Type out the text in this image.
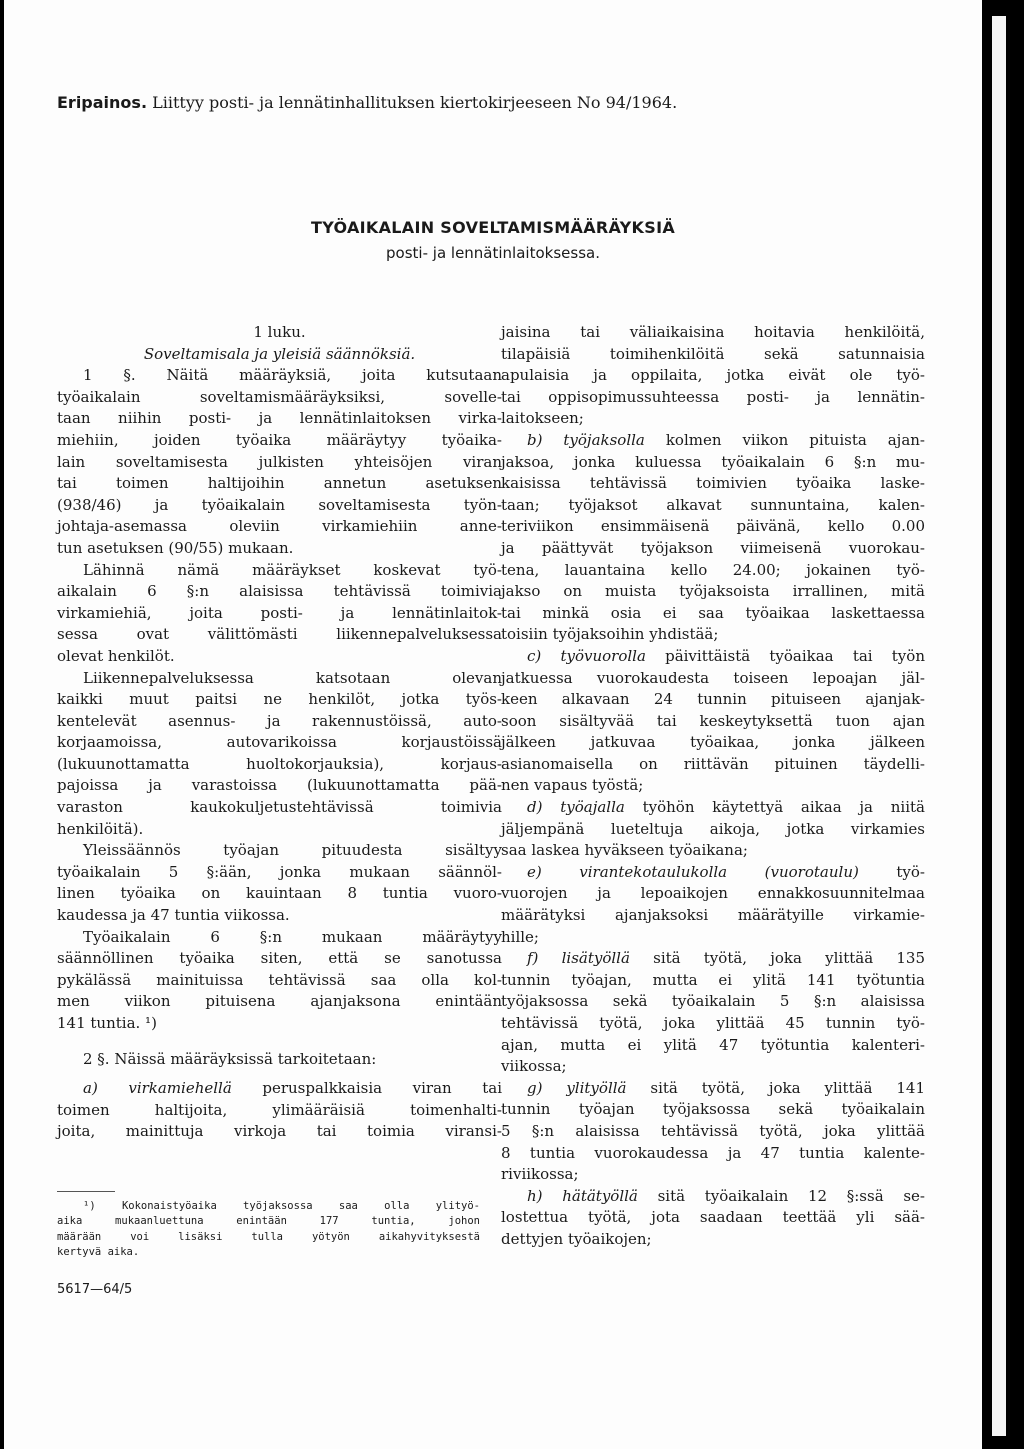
Eripainos. Liittyy posti- ja lennätinhallituksen kiertokirjeeseen No 94/1964.
TYÖAIKALAIN SOVELTAMISMÄÄRÄYKSIÄ
posti- ja lennätinlaitoksessa.
1 luku.
Soveltamisala ja yleisiä säännöksiä.
1 §. Näitä määräyksiä, joita kutsutaan
työaikalain soveltamismääräyksiksi, sovelle-
taan niihin posti- ja lennätinlaitoksen virka-
miehiin, joiden työaika määräytyy työaika-
lain soveltamisesta julkisten yhteisöjen viran
tai toimen haltijoihin annetun asetuksen
(938/46) ja työaikalain soveltamisesta työn-
johtaja-asemassa oleviin virkamiehiin anne-
tun asetuksen (90/55) mukaan.
Lähinnä nämä määräykset koskevat työ-
aikalain 6 §:n alaisissa tehtävissä toimivia
virkamiehiä, joita posti- ja lennätinlaitok-
sessa ovat välittömästi liikennepalveluksessa
olevat henkilöt.
Liikennepalveluksessa katsotaan olevan
kaikki muut paitsi ne henkilöt, jotka työs-
kentelevät asennus- ja rakennustöissä, auto-
korjaamoissa, autovarikoissa korjaustöissä
(lukuunottamatta huoltokorjauksia), korjaus-
pajoissa ja varastoissa (lukuunottamatta pää-
varaston kaukokuljetustehtävissä toimivia
henkilöitä).
Yleissäännös työajan pituudesta sisältyy
työaikalain 5 §:ään, jonka mukaan säännöl-
linen työaika on kauintaan 8 tuntia vuoro-
kaudessa ja 47 tuntia viikossa.
Työaikalain 6 §:n mukaan määräytyy
säännöllinen työaika siten, että se sanotussa
pykälässä mainituissa tehtävissä saa olla kol-
men viikon pituisena ajanjaksona enintään
141 tuntia. ¹)
2 §. Näissä määräyksissä tarkoitetaan:
a) virkamiehellä peruspalkkaisia viran tai
toimen haltijoita, ylimääräisiä toimenhalti-
joita, mainittuja virkoja tai toimia viransi-
¹) Kokonaistyöaika työjaksossa saa olla ylityö-
aika mukaanluettuna enintään 177 tuntia, johon
määrään voi lisäksi tulla yötyön aikahyvityksestä
kertyvä aika.
5617—64/5
jaisina tai väliaikaisina hoitavia henkilöitä,
tilapäisiä toimihenkilöitä sekä satunnaisia
apulaisia ja oppilaita, jotka eivät ole työ-
tai oppisopimussuhteessa posti- ja lennätin-
laitokseen;
b) työjaksolla kolmen viikon pituista ajan-
jaksoa, jonka kuluessa työaikalain 6 §:n mu-
kaisissa tehtävissä toimivien työaika laske-
taan; työjaksot alkavat sunnuntaina, kalen-
teriviikon ensimmäisenä päivänä, kello 0.00
ja päättyvät työjakson viimeisenä vuorokau-
tena, lauantaina kello 24.00; jokainen työ-
jakso on muista työjaksoista irrallinen, mitä
tai minkä osia ei saa työaikaa laskettaessa
toisiin työjaksoihin yhdistää;
c) työvuorolla päivittäistä työaikaa tai työn
jatkuessa vuorokaudesta toiseen lepoajan jäl-
keen alkavaan 24 tunnin pituiseen ajanjak-
soon sisältyvää tai keskeytyksettä tuon ajan
jälkeen jatkuvaa työaikaa, jonka jälkeen
asianomaisella on riittävän pituinen täydelli-
nen vapaus työstä;
d) työajalla työhön käytettyä aikaa ja niitä
jäljempänä lueteltuja aikoja, jotka virkamies
saa laskea hyväkseen työaikana;
e) virantekotaulukolla (vuorotaulu) työ-
vuorojen ja lepoaikojen ennakkosuunnitelmaa
määrätyksi ajanjaksoksi määrätyille virkamie-
hille;
f) lisätyöllä sitä työtä, joka ylittää 135
tunnin työajan, mutta ei ylitä 141 työtuntia
työjaksossa sekä työaikalain 5 §:n alaisissa
tehtävissä työtä, joka ylittää 45 tunnin työ-
ajan, mutta ei ylitä 47 työtuntia kalenteri-
viikossa;
g) ylityöllä sitä työtä, joka ylittää 141
tunnin työajan työjaksossa sekä työaikalain
5 §:n alaisissa tehtävissä työtä, joka ylittää
8 tuntia vuorokaudessa ja 47 tuntia kalente-
riviikossa;
h) hätätyöllä sitä työaikalain 12 §:ssä se-
lostettua työtä, jota saadaan teettää yli sää-
dettyjen työaikojen;
